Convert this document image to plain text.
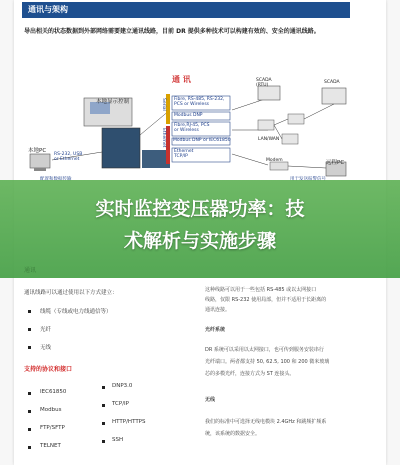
通讯与架构
导出相关的状态数据到外部网络需要建立通讯线路，目前 DR 提供多种技术可以构建有效的、安全的通讯线路。
通 讯
本地显示控制
本地PC
RS-232, USB
or Ethernet
Fibre, RS-485, RS-232,
PCS or Wireless
Modbus DNP
Fibre,RJ-45, PCS
or Wireless
Modbus DNP or IEC61850
Ethernet
TCP/IP
Serial
Ethernet
SCADA
(RTU)
SCADA
LAN/WAN
Modem	远程PC
实时监控变压器功率：技
术解析与实施步骤
通讯
通讯线路可以通过使用以下方式建立：
线缆（专线或电力线通信等）
光纤
无线
支持的协议和接口
IEC61850
Modbus
FTP/SFTP
TELNET
DNP3.0
TCP/IP
HTTP/HTTPS
SSH
这种线路可以用于一些包括 RS-485 或以太网接口
线路，仅限 RS-232 使用局部，但并不适用于长距离的
通讯连接。
光纤系统
DR 系统可以采用以太网接口，也可传到服务安装串行
光纤端口。两者都支持 50, 62.5, 100 和 200 微米玻璃
芯的多模光纤，连接方式为 ST 连接头。
无线
我们的标准中可选择无线电模块 2.4GHz 和跳频扩频系
统，该系统的数据安全。
